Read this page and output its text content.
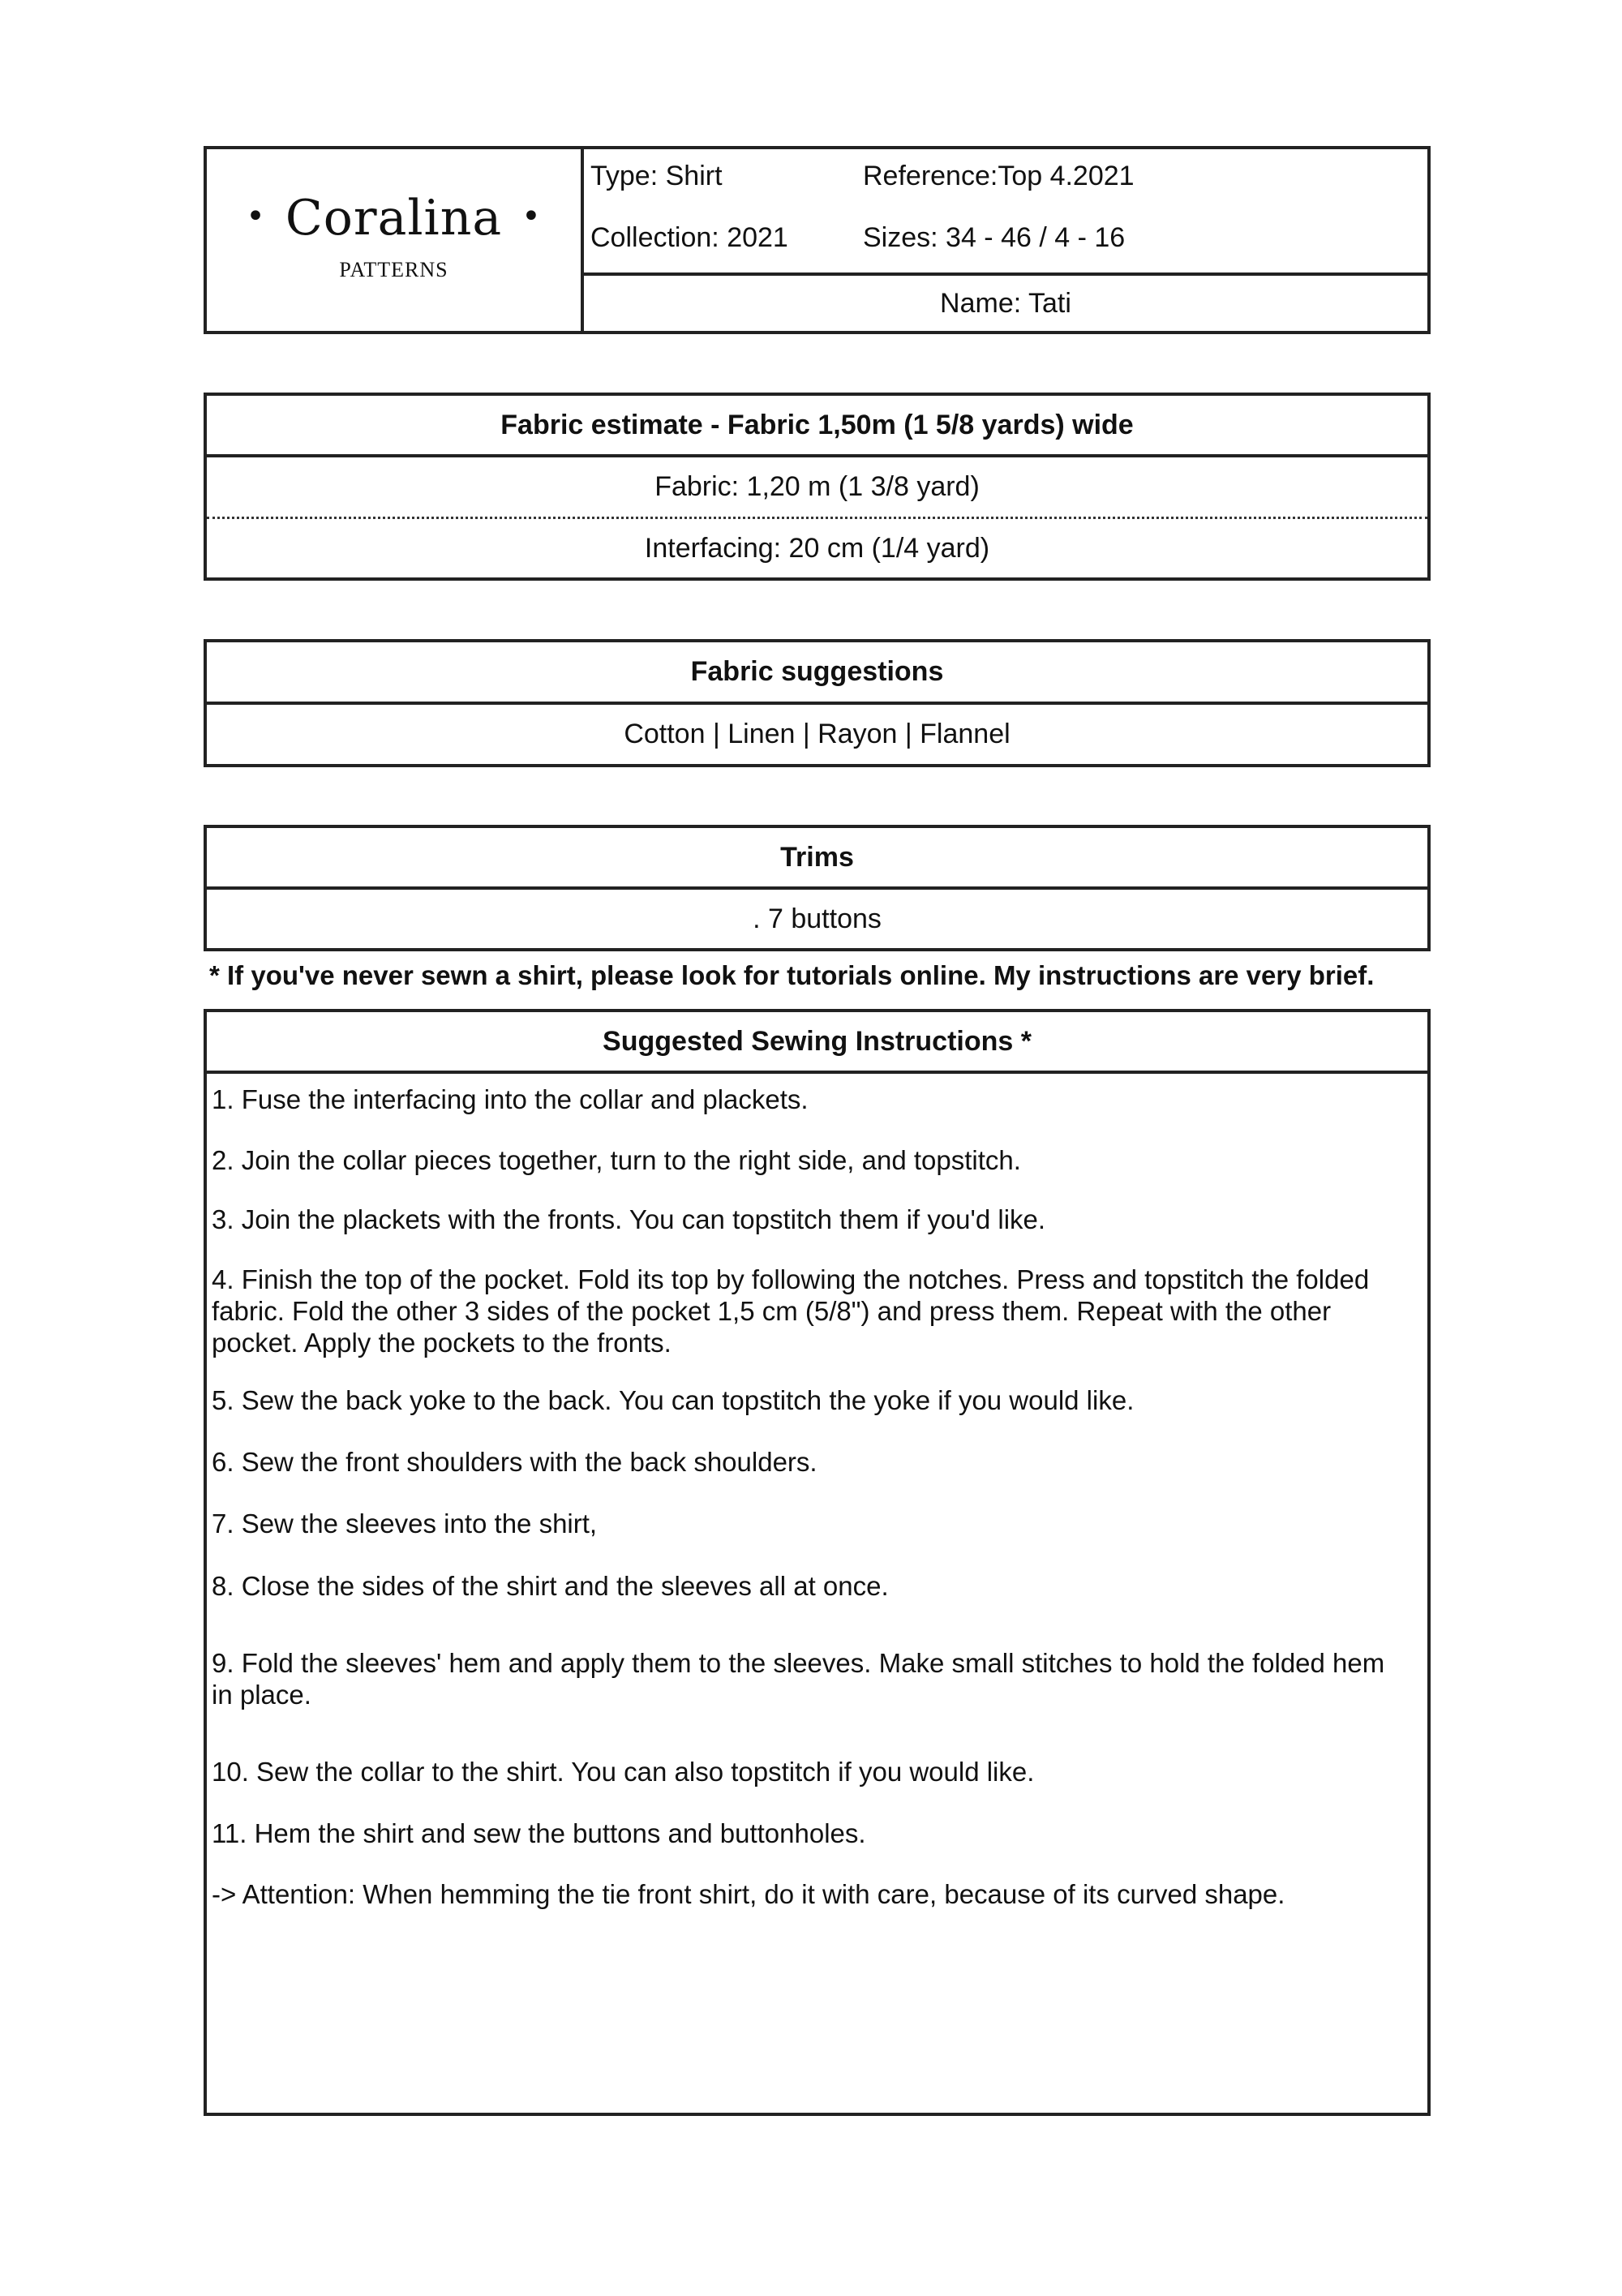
• Coralina •
PATTERNS
Type: Shirt	Reference:Top 4.2021
Collection: 2021	Sizes: 34 - 46 / 4 - 16
Name: Tati
Fabric estimate - Fabric 1,50m (1 5/8 yards) wide
Fabric: 1,20 m (1 3/8 yard)
Interfacing: 20 cm (1/4 yard)
Fabric suggestions
Cotton | Linen | Rayon | Flannel
Trims
. 7 buttons
* If you've never sewn a shirt, please look for tutorials online. My instructions are very brief.
Suggested Sewing Instructions *
1. Fuse the interfacing into the collar and plackets.
2. Join the collar pieces together, turn to the right side, and topstitch.
3. Join the plackets with the fronts. You can topstitch them if you'd like.
4. Finish the top of the pocket. Fold its top by following the notches. Press and topstitch the folded fabric. Fold the other 3 sides of the pocket 1,5 cm (5/8") and press them. Repeat with the other pocket. Apply the pockets to the fronts.
5. Sew the back yoke to the back. You can topstitch the yoke if you would like.
6. Sew the front shoulders with the back shoulders.
7. Sew the sleeves into the shirt,
8. Close the sides of the shirt and the sleeves all at once.
9. Fold the sleeves' hem and apply them to the sleeves. Make small stitches to hold the folded hem in place.
10. Sew the collar to the shirt. You can also topstitch if you would like.
11. Hem the shirt and sew the buttons and buttonholes.
-> Attention: When hemming the tie front shirt, do it with care, because of its curved shape.
